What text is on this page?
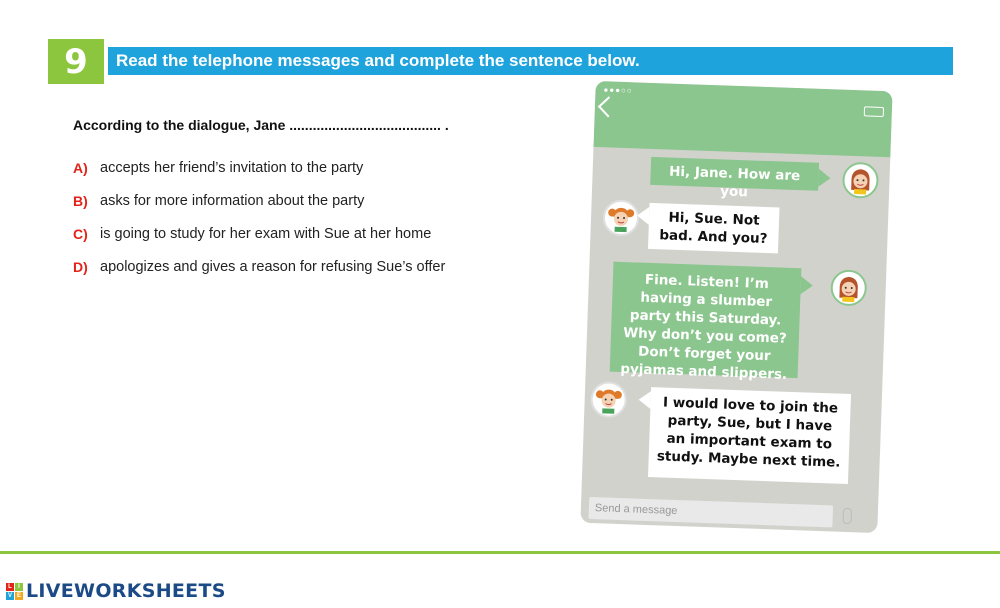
9	Read the telephone messages and complete the sentence below.
According to the dialogue, Jane ....................................... .
A) accepts her friend’s invitation to the party
B) asks for more information about the party
C) is going to study for her exam with Sue at her home
D) apologizes and gives a reason for refusing Sue’s offer
●●●○○
Hi, Jane. How are you
Hi, Sue. Not bad. And you?
Fine. Listen! I’m having a slumber party this Saturday. Why don’t you come? Don’t forget your pyjamas and slippers.
I would love to join the party, Sue, but I have an important exam to study. Maybe next time.
Send a message
L	I
V E LIVEWORKSHEETS
